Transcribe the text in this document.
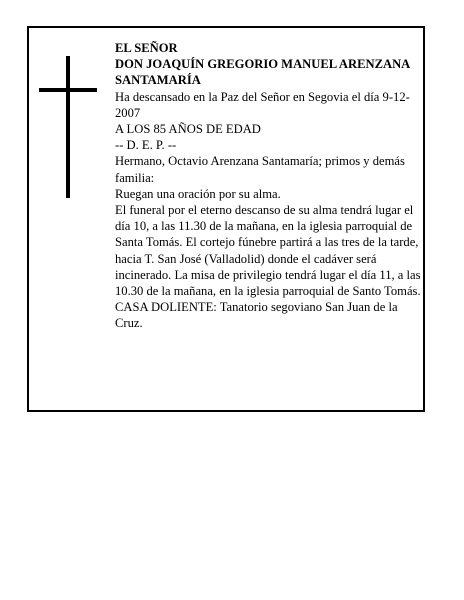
EL SEÑOR

DON JOAQUÍN GREGORIO MANUEL ARENZANA SANTAMARÍA

Ha descansado en la Paz del Señor en Segovia el día 9-12-2007

A LOS 85 AÑOS DE EDAD

-- D. E. P. --

Hermano, Octavio Arenzana Santamaría; primos y demás familia:

Ruegan una oración por su alma.

El funeral por el eterno descanso de su alma tendrá lugar el día 10, a las 11.30 de la mañana, en la iglesia parroquial de Santa Tomás. El cortejo fúnebre partirá a las tres de la tarde, hacia T. San José (Valladolid) donde el cadáver será incinerado. La misa de privilegio tendrá lugar el día 11, a las 10.30 de la mañana, en la iglesia parroquial de Santo Tomás.

CASA DOLIENTE: Tanatorio segoviano San Juan de la Cruz.
